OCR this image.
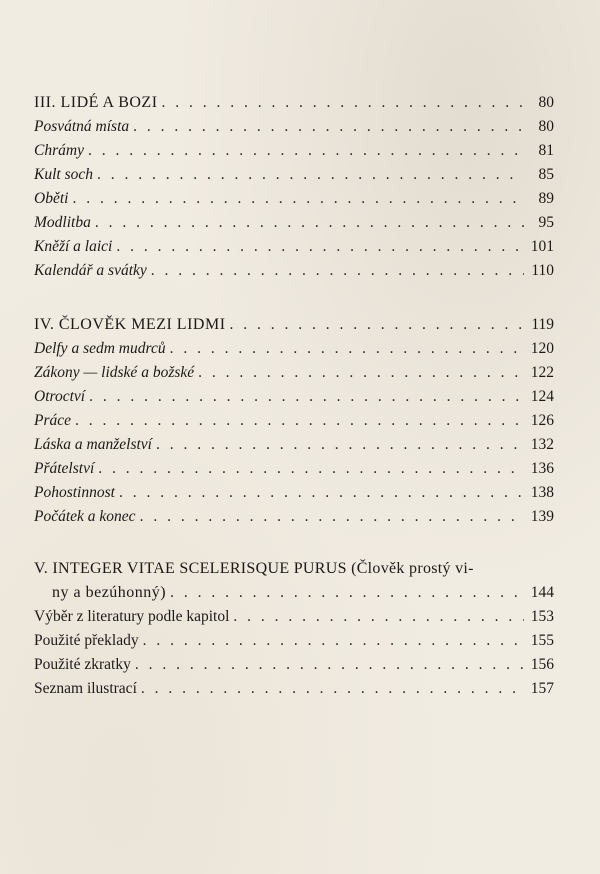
III. LIDÉ A BOZI . . .	80
Posvátná místa . . .	80
Chrámy . . .	81
Kult soch . . .	85
Oběti . . .	89
Modlitba . . .	95
Kněží a laici . . .	101
Kalendář a svátky . . .	110
IV. ČLOVĚK MEZI LIDMI . . .	119
Delfy a sedm mudrců . . .	120
Zákony — lidské a božské . . .	122
Otroctví . . .	124
Práce . . .	126
Láska a manželství . . .	132
Přátelství . . .	136
Pohostinnost . . .	138
Počátek a konec . . .	139
V. INTEGER VITAE SCELERISQUE PURUS (Člověk prostý vi-
ny a bezúhonný) . . .	144
Výběr z literatury podle kapitol . . .	153
Použité překlady . . .	155
Použité zkratky . . .	156
Seznam ilustrací . . .	157
